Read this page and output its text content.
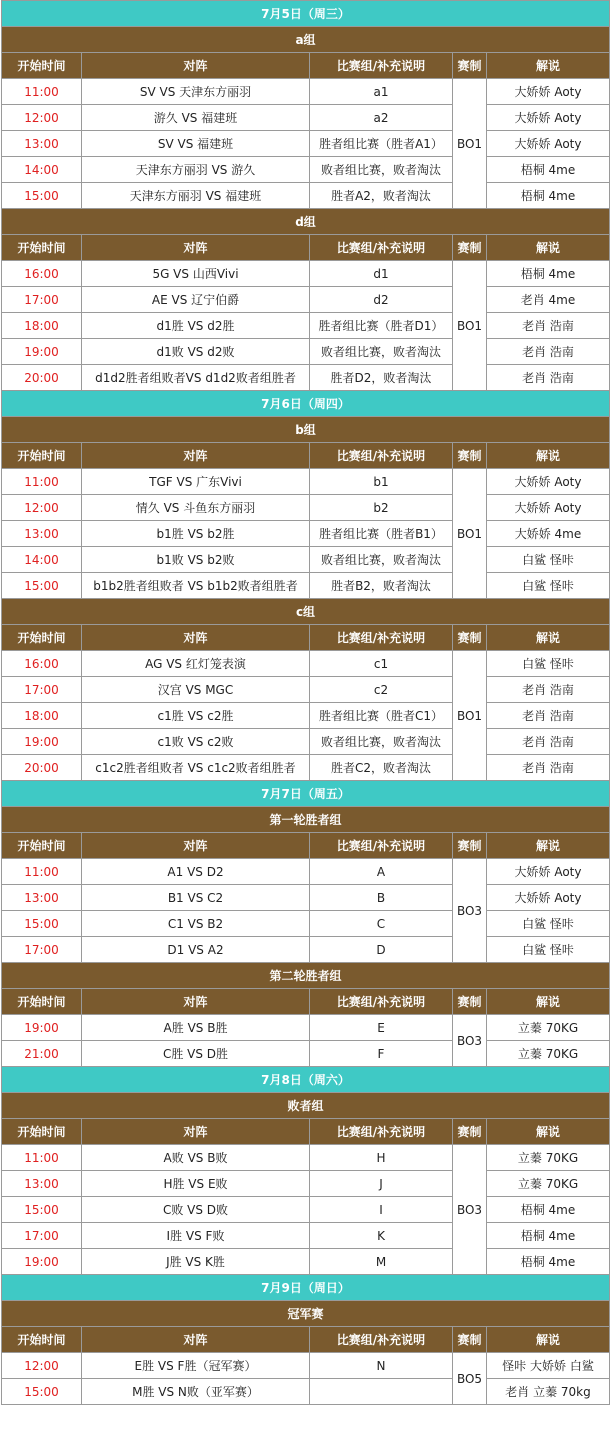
7月5日（周三）				
a组				
开始时间	对阵	比赛组/补充说明	赛制	解说
11:00	SV VS 天津东方丽羽	a1	BO1	大娇娇 Aoty
12:00	游久 VS 福建班	a2		大娇娇 Aoty
13:00	SV VS 福建班	胜者组比赛（胜者A1）		大娇娇 Aoty
14:00	天津东方丽羽 VS 游久	败者组比赛，败者淘汰		梧桐 4me
15:00	天津东方丽羽 VS 福建班	胜者A2，败者淘汰		梧桐 4me
d组				
开始时间	对阵	比赛组/补充说明	赛制	解说
16:00	5G VS 山西Vivi	d1	BO1	梧桐 4me
17:00	AE VS 辽宁伯爵	d2		老肖 4me
18:00	d1胜 VS d2胜	胜者组比赛（胜者D1）		老肖 浩南
19:00	d1败 VS d2败	败者组比赛，败者淘汰		老肖 浩南
20:00	d1d2胜者组败者VS d1d2败者组胜者	胜者D2，败者淘汰		老肖 浩南
7月6日（周四）				
b组				
开始时间	对阵	比赛组/补充说明	赛制	解说
11:00	TGF VS 广东Vivi	b1	BO1	大娇娇 Aoty
12:00	情久 VS 斗鱼东方丽羽	b2		大娇娇 Aoty
13:00	b1胜 VS b2胜	胜者组比赛（胜者B1）		大娇娇 4me
14:00	b1败 VS b2败	败者组比赛，败者淘汰		白鲨 怪咔
15:00	b1b2胜者组败者 VS b1b2败者组胜者	胜者B2，败者淘汰		白鲨 怪咔
c组				
开始时间	对阵	比赛组/补充说明	赛制	解说
16:00	AG VS 红灯笼表演	c1	BO1	白鲨 怪咔
17:00	汉宫 VS MGC	c2		老肖 浩南
18:00	c1胜 VS c2胜	胜者组比赛（胜者C1）		老肖 浩南
19:00	c1败 VS c2败	败者组比赛，败者淘汰		老肖 浩南
20:00	c1c2胜者组败者 VS c1c2败者组胜者	胜者C2，败者淘汰		老肖 浩南
7月7日（周五）				
第一轮胜者组				
开始时间	对阵	比赛组/补充说明	赛制	解说
11:00	A1 VS D2	A	BO3	大娇娇 Aoty
13:00	B1 VS C2	B		大娇娇 Aoty
15:00	C1 VS B2	C		白鲨 怪咔
17:00	D1 VS A2	D		白鲨 怪咔
第二轮胜者组				
开始时间	对阵	比赛组/补充说明	赛制	解说
19:00	A胜 VS B胜	E	BO3	立蓁 70KG
21:00	C胜 VS D胜	F		立蓁 70KG
7月8日（周六）				
败者组				
开始时间	对阵	比赛组/补充说明	赛制	解说
11:00	A败 VS B败	H	BO3	立蓁 70KG
13:00	H胜 VS E败	J		立蓁 70KG
15:00	C败 VS D败	I		梧桐 4me
17:00	I胜 VS F败	K		梧桐 4me
19:00	J胜 VS K胜	M		梧桐 4me
7月9日（周日）				
冠军赛				
开始时间	对阵	比赛组/补充说明	赛制	解说
12:00	E胜 VS F胜（冠军赛）	N	BO5	怪咔 大娇娇 白鲨
15:00	M胜 VS N败（亚军赛）			老肖 立蓁 70kg
